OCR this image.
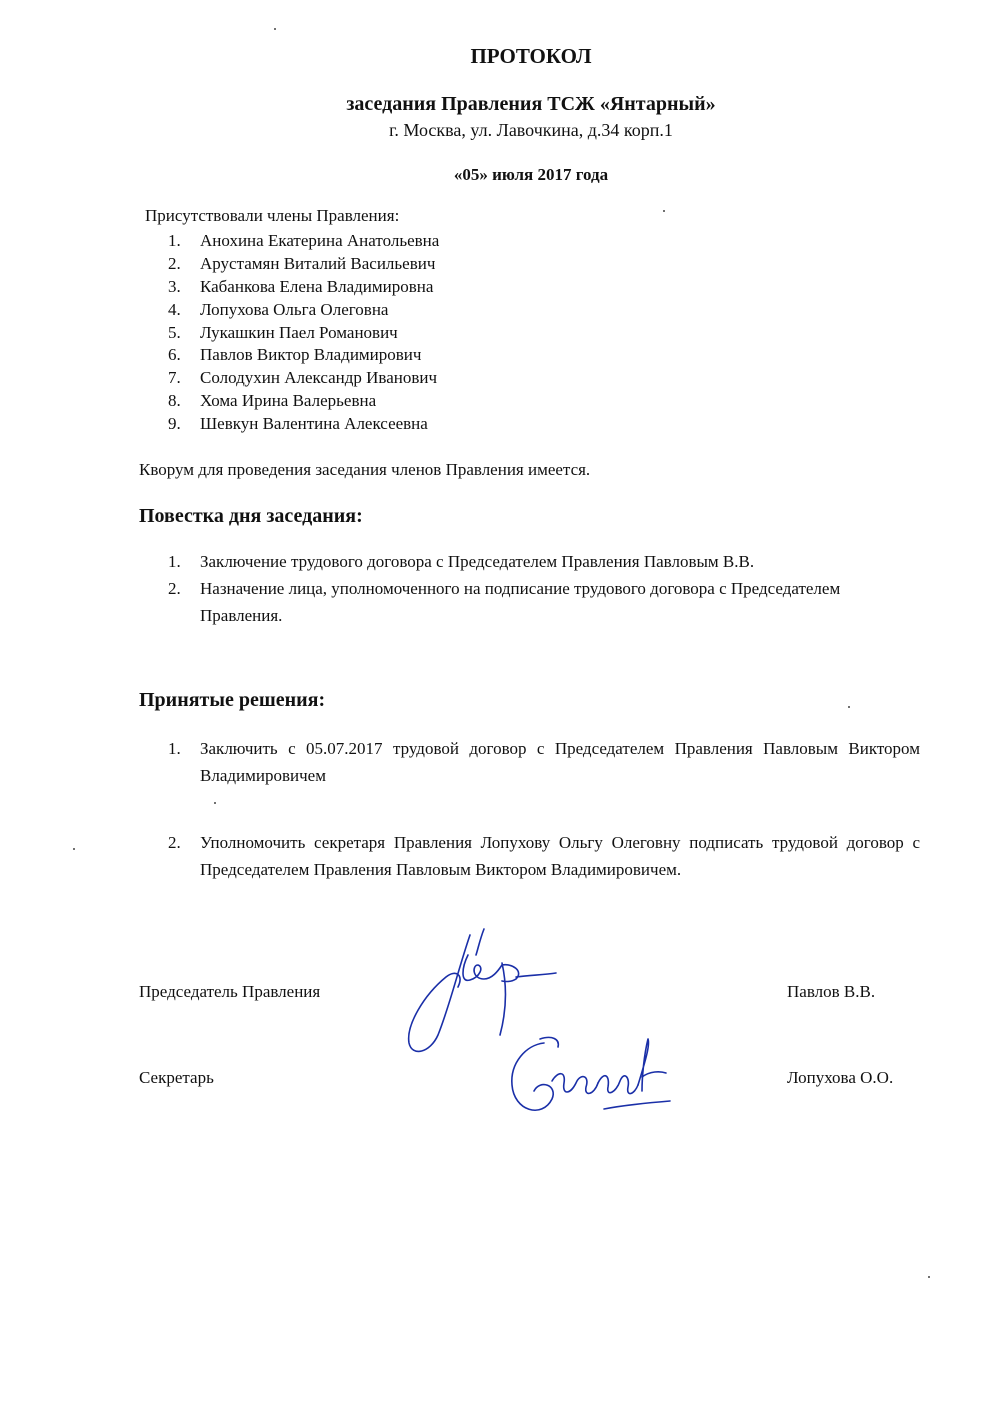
ПРОТОКОЛ

заседания Правления ТСЖ «Янтарный»

г. Москва, ул. Лавочкина, д.34 корп.1

«05» июля 2017 года

Присутствовали члены Правления:

1. Анохина Екатерина Анатольевна
2. Арустамян Виталий Васильевич
3. Кабанкова Елена Владимировна
4. Лопухова Ольга Олеговна
5. Лукашкин Паел Романович
6. Павлов Виктор Владимирович
7. Солодухин Александр Иванович
8. Хома Ирина Валерьевна
9. Шевкун Валентина Алексеевна

Кворум для проведения заседания членов Правления имеется.

Повестка дня заседания:
1.	Заключение трудового договора с Председателем Правления Павловым В.В.
2.	Назначение лица, уполномоченного на подписание трудового договора с Председателем Правления.
Принятые решения:
1.	Заключить с 05.07.2017 трудовой договор с Председателем Правления Павловым Виктором Владимировичем
2.	Уполномочить секретаря Правления Лопухову Ольгу Олеговну подписать трудовой договор с Председателем Правления Павловым Виктором Владимировичем.
Председатель Правления	Павлов В.В.
Секретарь	Лопухова О.О.
